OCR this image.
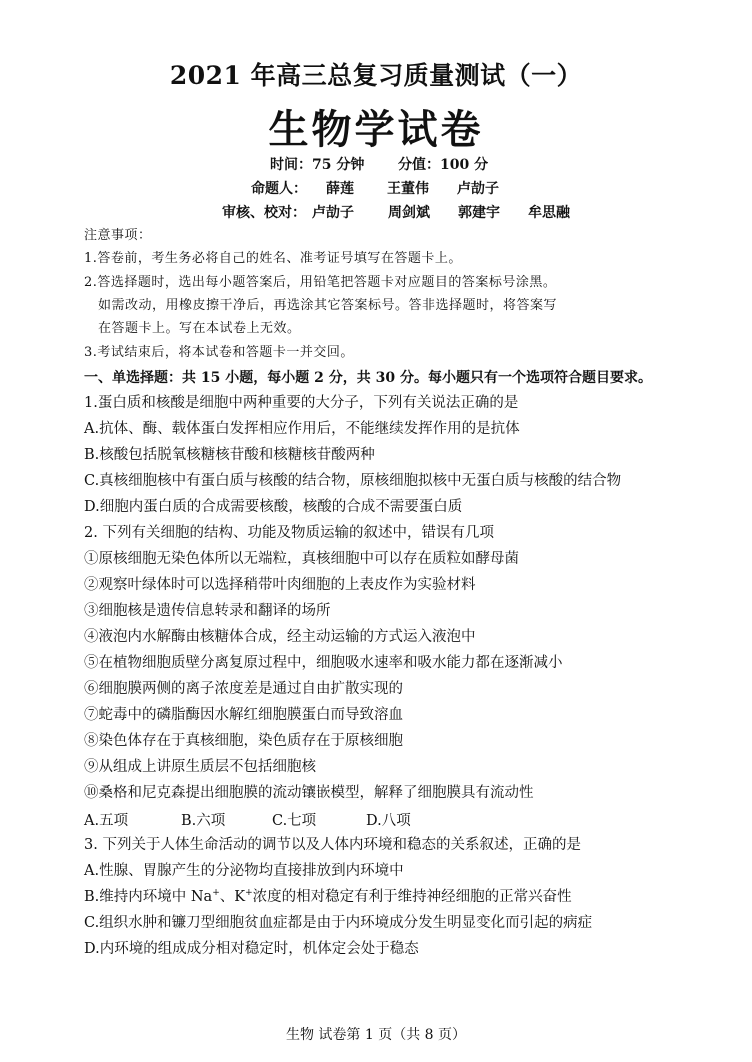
2021 年高三总复习质量测试（一）
生物学试卷
时间：75 分钟 分值：100 分
命题人： 薛莲 王董伟 卢劼子
审核、校对： 卢劼子 周剑斌 郭建宇 牟思融
注意事项：
1.答卷前，考生务必将自己的姓名、准考证号填写在答题卡上。
2.答选择题时，选出每小题答案后，用铅笔把答题卡对应题目的答案标号涂黑。
如需改动，用橡皮擦干净后，再选涂其它答案标号。答非选择题时，将答案写
在答题卡上。写在本试卷上无效。
3.考试结束后，将本试卷和答题卡一并交回。
一、单选择题：共 15 小题，每小题 2 分，共 30 分。每小题只有一个选项符合题目要求。
1.蛋白质和核酸是细胞中两种重要的大分子，下列有关说法正确的是
A.抗体、酶、载体蛋白发挥相应作用后，不能继续发挥作用的是抗体
B.核酸包括脱氧核糖核苷酸和核糖核苷酸两种
C.真核细胞核中有蛋白质与核酸的结合物，原核细胞拟核中无蛋白质与核酸的结合物
D.细胞内蛋白质的合成需要核酸，核酸的合成不需要蛋白质
2. 下列有关细胞的结构、功能及物质运输的叙述中，错误有几项
①原核细胞无染色体所以无端粒，真核细胞中可以存在质粒如酵母菌
②观察叶绿体时可以选择稍带叶肉细胞的上表皮作为实验材料
③细胞核是遗传信息转录和翻译的场所
④液泡内水解酶由核糖体合成，经主动运输的方式运入液泡中
⑤在植物细胞质壁分离复原过程中，细胞吸水速率和吸水能力都在逐渐减小
⑥细胞膜两侧的离子浓度差是通过自由扩散实现的
⑦蛇毒中的磷脂酶因水解红细胞膜蛋白而导致溶血
⑧染色体存在于真核细胞，染色质存在于原核细胞
⑨从组成上讲原生质层不包括细胞核
⑩桑格和尼克森提出细胞膜的流动镶嵌模型，解释了细胞膜具有流动性
A.五项	B.六项	C.七项	D.八项
3. 下列关于人体生命活动的调节以及人体内环境和稳态的关系叙述，正确的是
A.性腺、胃腺产生的分泌物均直接排放到内环境中
B.维持内环境中 Na+、K+浓度的相对稳定有利于维持神经细胞的正常兴奋性
C.组织水肿和镰刀型细胞贫血症都是由于内环境成分发生明显变化而引起的病症
D.内环境的组成成分相对稳定时，机体定会处于稳态
生物 试卷第 1 页（共 8 页）
